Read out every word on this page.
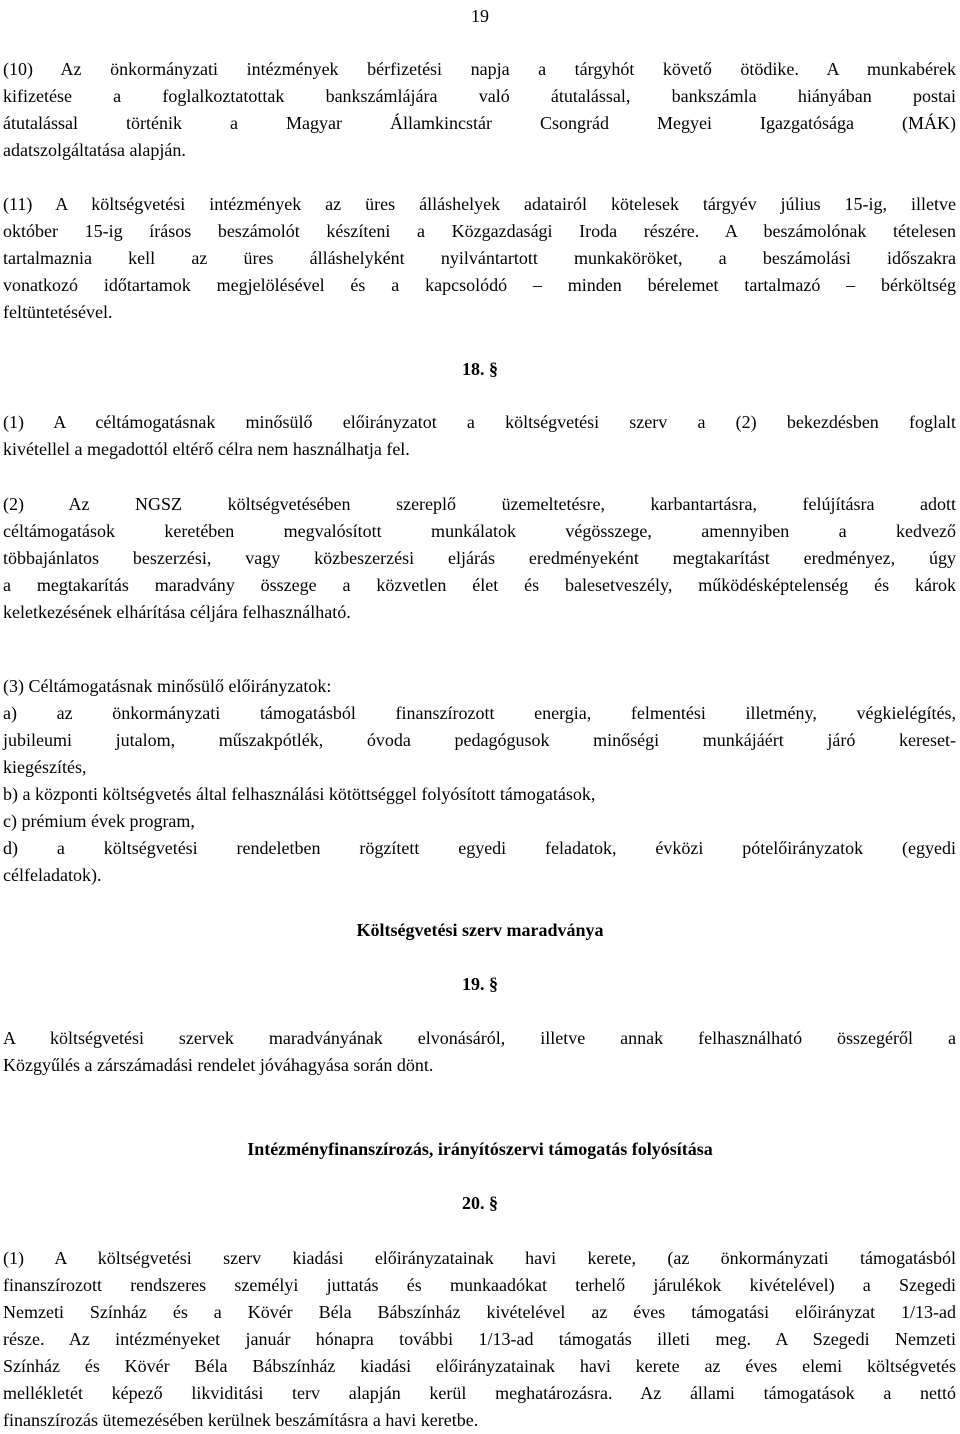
19
(10) Az önkormányzati intézmények bérfizetési napja a tárgyhót követő ötödike. A munkabérek
kifizetése a foglalkoztatottak bankszámlájára való átutalással, bankszámla hiányában postai
átutalással történik a Magyar Államkincstár Csongrád Megyei Igazgatósága (MÁK)
adatszolgáltatása alapján.
(11) A költségvetési intézmények az üres álláshelyek adatairól kötelesek tárgyév július 15-ig, illetve
október 15-ig írásos beszámolót készíteni a Közgazdasági Iroda részére. A beszámolónak tételesen
tartalmaznia kell az üres álláshelyként nyilvántartott munkaköröket, a beszámolási időszakra
vonatkozó időtartamok megjelölésével és a kapcsolódó – minden bérelemet tartalmazó – bérköltség
feltüntetésével.
18. §
(1) A céltámogatásnak minősülő előirányzatot a költségvetési szerv a (2) bekezdésben foglalt
kivétellel a megadottól eltérő célra nem használhatja fel.
(2) Az NGSZ költségvetésében szereplő üzemeltetésre, karbantartásra, felújításra adott
céltámogatások keretében megvalósított munkálatok végösszege, amennyiben a kedvező
többajánlatos beszerzési, vagy közbeszerzési eljárás eredményeként megtakarítást eredményez, úgy
a megtakarítás maradvány összege a közvetlen élet és balesetveszély, működésképtelenség és károk
keletkezésének elhárítása céljára felhasználható.
(3) Céltámogatásnak minősülő előirányzatok:
a) az önkormányzati támogatásból finanszírozott energia, felmentési illetmény, végkielégítés,
jubileumi jutalom, műszakpótlék, óvoda pedagógusok minőségi munkájáért járó kereset-
kiegészítés,
b) a központi költségvetés által felhasználási kötöttséggel folyósított támogatások,
c) prémium évek program,
d) a költségvetési rendeletben rögzített egyedi feladatok, évközi pótelőirányzatok (egyedi
célfeladatok).
Költségvetési szerv maradványa
19. §
A költségvetési szervek maradványának elvonásáról, illetve annak felhasználható összegéről a
Közgyűlés a zárszámadási rendelet jóváhagyása során dönt.
Intézményfinanszírozás, irányítószervi támogatás folyósítása
20. §
(1) A költségvetési szerv kiadási előirányzatainak havi kerete, (az önkormányzati támogatásból
finanszírozott rendszeres személyi juttatás és munkaadókat terhelő járulékok kivételével) a Szegedi
Nemzeti Színház és a Kövér Béla Bábszínház kivételével az éves támogatási előirányzat 1/13-ad
része. Az intézményeket január hónapra további 1/13-ad támogatás illeti meg. A Szegedi Nemzeti
Színház és Kövér Béla Bábszínház kiadási előirányzatainak havi kerete az éves elemi költségvetés
mellékletét képező likviditási terv alapján kerül meghatározásra. Az állami támogatások a nettó
finanszírozás ütemezésében kerülnek beszámításra a havi keretbe.
